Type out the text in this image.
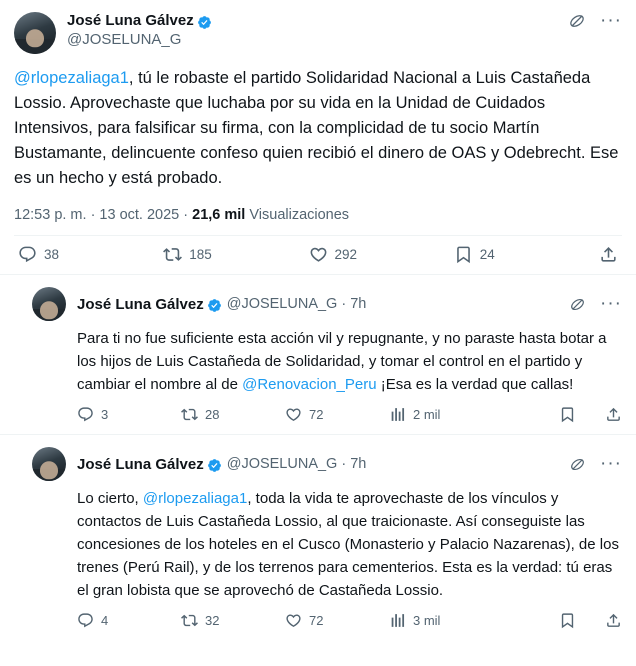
José Luna Gálvez
@JOSELUNA_G
···
@rlopezaliaga1, tú le robaste el partido Solidaridad Nacional a Luis Castañeda Lossio. Aprovechaste que luchaba por su vida en la Unidad de Cuidados Intensivos, para falsificar su firma, con la complicidad de tu socio Martín Bustamante, delincuente confeso quien recibió el dinero de OAS y Odebrecht. Ese es un hecho y está probado.
12:53 p. m. · 13 oct. 2025 · 21,6 mil Visualizaciones
38	185	292	24
José Luna Gálvez @JOSELUNA_G · 7h	···
Para ti no fue suficiente esta acción vil y repugnante, y no paraste hasta botar a los hijos de Luis Castañeda de Solidaridad, y tomar el control en el partido y cambiar el nombre al de @Renovacion_Peru ¡Esa es la verdad que callas!
3	28	72	2 mil
José Luna Gálvez @JOSELUNA_G · 7h	···
Lo cierto, @rlopezaliaga1, toda la vida te aprovechaste de los vínculos y contactos de Luis Castañeda Lossio, al que traicionaste. Así conseguiste las concesiones de los hoteles en el Cusco (Monasterio y Palacio Nazarenas), de los trenes (Perú Rail), y de los terrenos para cementerios. Esta es la verdad: tú eras el gran lobista que se aprovechó de Castañeda Lossio.
4	32	72	3 mil
